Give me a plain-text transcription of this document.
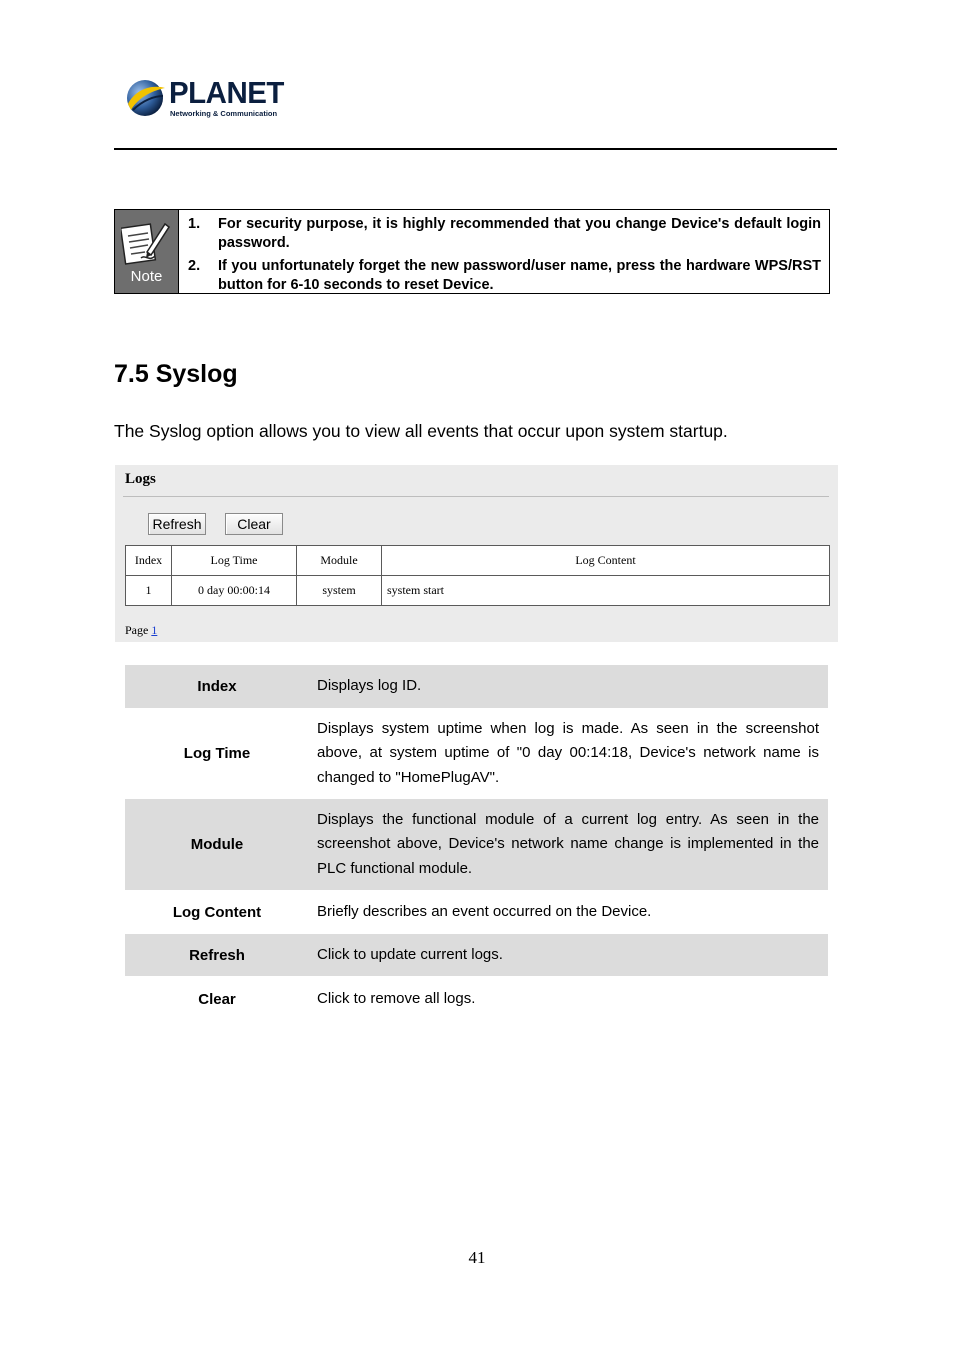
PLANET
Networking & Communication
Note
1. For security purpose, it is highly recommended that you change Device's default login password.
2. If you unfortunately forget the new password/user name, press the hardware WPS/RST button for 6-10 seconds to reset Device.
7.5 Syslog
The Syslog option allows you to view all events that occur upon system startup.
Logs
Refresh	Clear
Index	Log Time	Module	Log Content
1	0 day 00:00:14	system	system start
Page 1
Index	Displays log ID.
Log Time	Displays system uptime when log is made. As seen in the screenshot above, at system uptime of "0 day 00:14:18, Device's network name is changed to "HomePlugAV".
Module	Displays the functional module of a current log entry. As seen in the screenshot above, Device's network name change is implemented in the PLC functional module.
Log Content	Briefly describes an event occurred on the Device.
Refresh	Click to update current logs.
Clear	Click to remove all logs.
41
